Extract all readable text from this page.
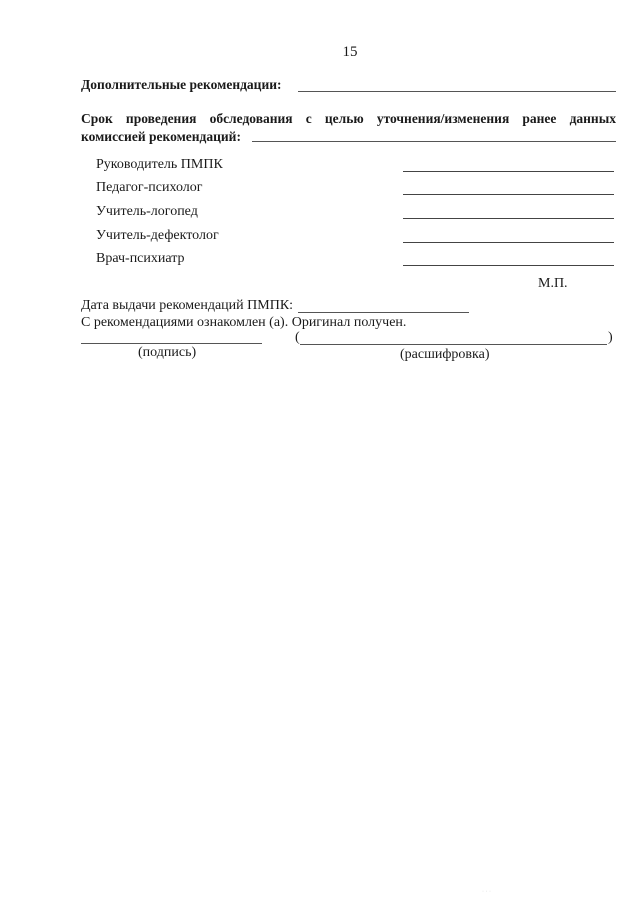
15
Дополнительные рекомендации:
Срок проведения обследования с целью уточнения/изменения ранее данных
комиссией рекомендаций:
Руководитель ПМПК
Педагог-психолог
Учитель-логопед
Учитель-дефектолог
Врач-психиатр
М.П.
Дата выдачи рекомендаций ПМПК:
С рекомендациями ознакомлен (а). Оригинал получен.
(	)
(подпись)	(расшифровка)
· · ·
